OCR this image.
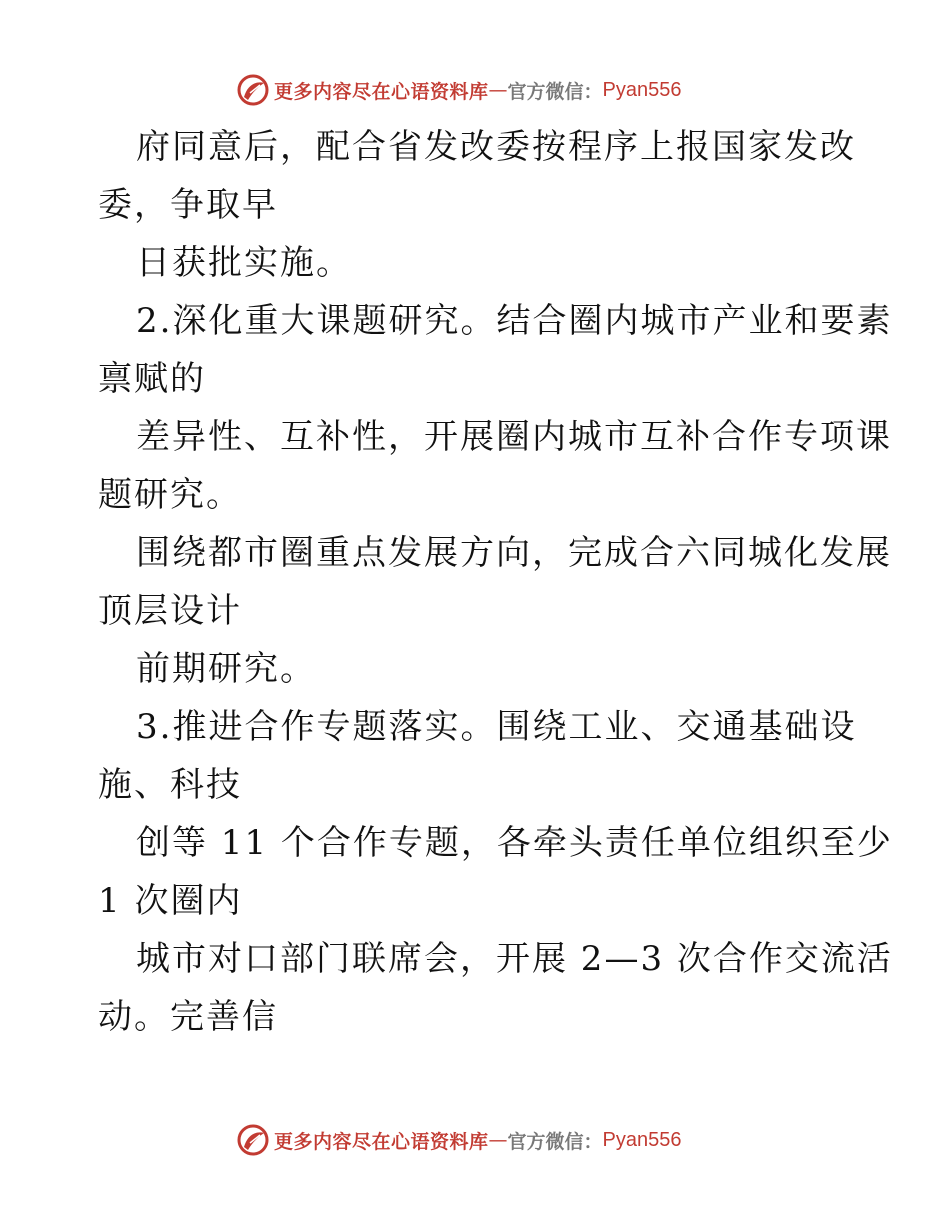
更多内容尽在心语资料库 — 官方微信： Pyan556
府同意后，配合省发改委按程序上报国家发改
委，争取早
日获批实施。
2.深化重大课题研究。结合圈内城市产业和要素
禀赋的
差异性、互补性，开展圈内城市互补合作专项课
题研究。
围绕都市圈重点发展方向，完成合六同城化发展
顶层设计
前期研究。
3.推进合作专题落实。围绕工业、交通基础设
施、科技
创等 11 个合作专题，各牵头责任单位组织至少
1 次圈内
城市对口部门联席会，开展 2—3 次合作交流活
动。完善信
更多内容尽在心语资料库 — 官方微信： Pyan556
